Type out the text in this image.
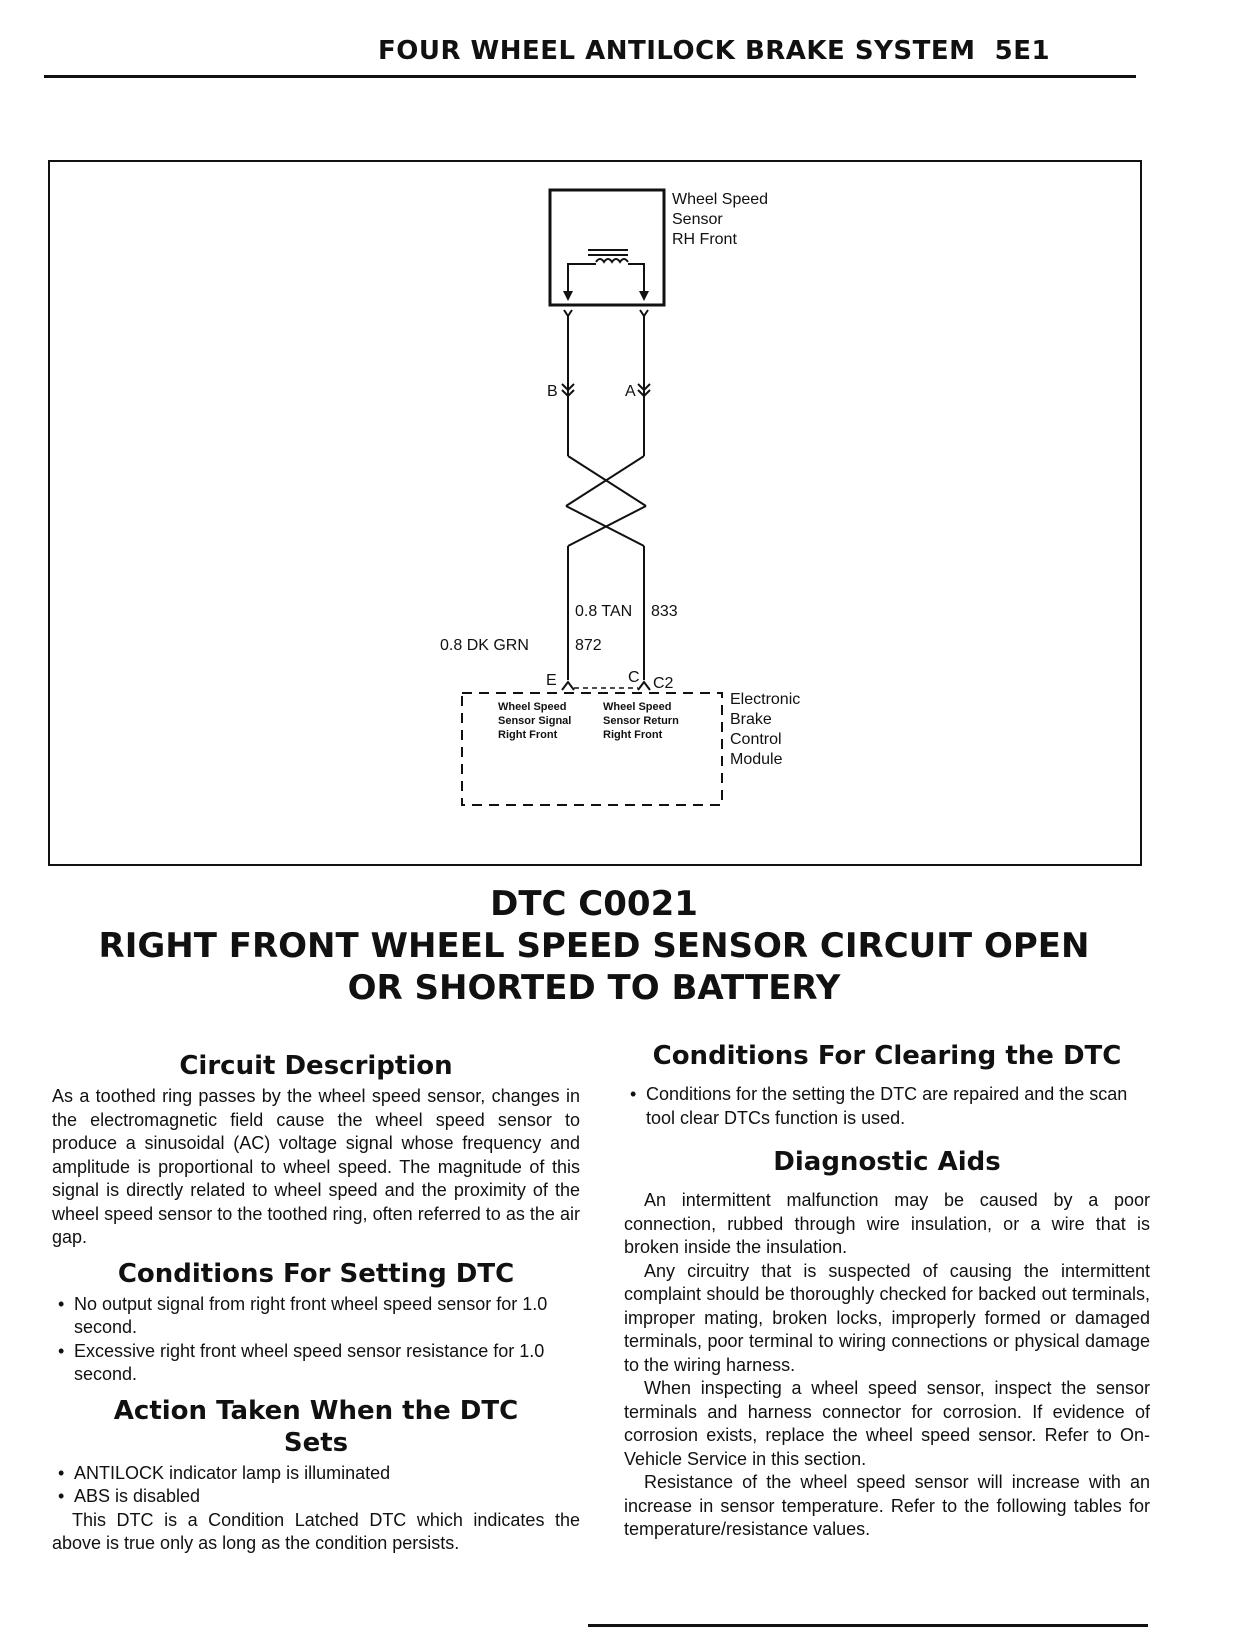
FOUR WHEEL ANTILOCK BRAKE SYSTEM 5E1
Wheel Speed
Sensor
RH Front
B	A
0.8 TAN 833
0.8 DK GRN	872
E	C C2
Wheel Speed
Sensor Signal
Right Front
Wheel Speed
Sensor Return
Right Front
Electronic
Brake
Control
Module
DTC C0021
RIGHT FRONT WHEEL SPEED SENSOR CIRCUIT OPEN
OR SHORTED TO BATTERY
Circuit Description

As a toothed ring passes by the wheel speed sensor, changes in the electromagnetic field cause the wheel speed sensor to produce a sinusoidal (AC) voltage signal whose frequency and amplitude is proportional to wheel speed. The magnitude of this signal is directly related to wheel speed and the proximity of the wheel speed sensor to the toothed ring, often referred to as the air gap.

Conditions For Setting DTC
• No output signal from right front wheel speed sensor for 1.0 second.
• Excessive right front wheel speed sensor resistance for 1.0 second.
Action Taken When the DTC
Sets
• ANTILOCK indicator lamp is illuminated
• ABS is disabled

This DTC is a Condition Latched DTC which indicates the above is true only as long as the condition persists.

Conditions For Clearing the DTC
• Conditions for the setting the DTC are repaired and the scan tool clear DTCs function is used.
Diagnostic Aids

An intermittent malfunction may be caused by a poor connection, rubbed through wire insulation, or a wire that is broken inside the insulation.

Any circuitry that is suspected of causing the intermittent complaint should be thoroughly checked for backed out terminals, improper mating, broken locks, improperly formed or damaged terminals, poor terminal to wiring connections or physical damage to the wiring harness.

When inspecting a wheel speed sensor, inspect the sensor terminals and harness connector for corrosion. If evidence of corrosion exists, replace the wheel speed sensor. Refer to On-Vehicle Service in this section.

Resistance of the wheel speed sensor will increase with an increase in sensor temperature. Refer to the following tables for temperature/resistance values.
